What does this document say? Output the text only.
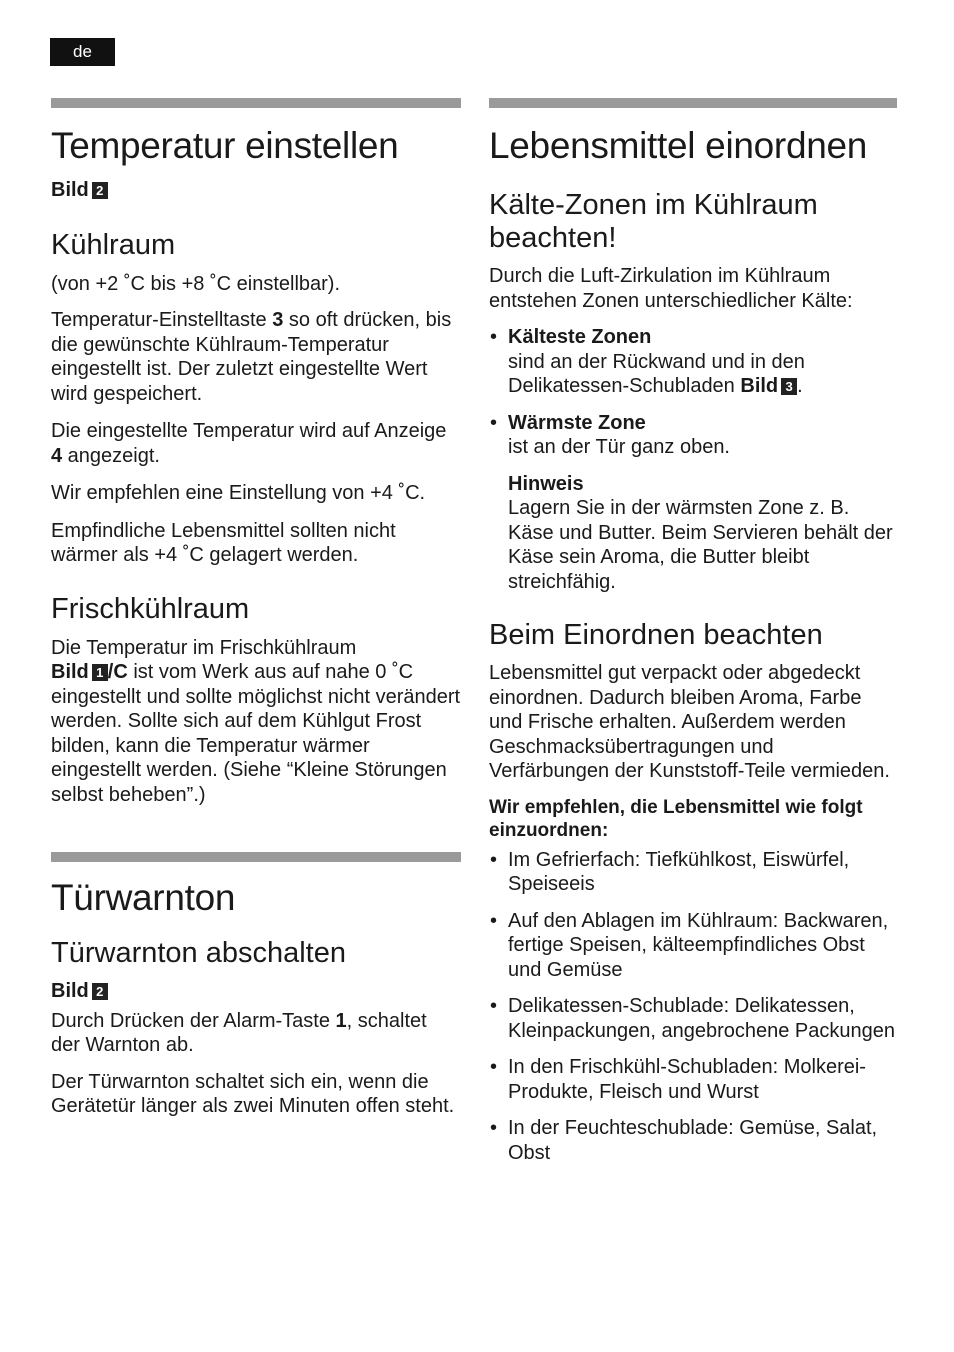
de
Temperatur einstellen

Bild 2

Kühlraum

(von +2 ˚C bis +8 ˚C einstellbar).

Temperatur-Einstelltaste 3 so oft drücken, bis die gewünschte Kühlraum-Temperatur eingestellt ist. Der zuletzt eingestellte Wert wird gespeichert.

Die eingestellte Temperatur wird auf Anzeige 4 angezeigt.

Wir empfehlen eine Einstellung von +4 ˚C.

Empfindliche Lebensmittel sollten nicht wärmer als +4 ˚C gelagert werden.

Frischkühlraum

Die Temperatur im Frischkühlraum
Bild 1 /C ist vom Werk aus auf nahe 0 ˚C eingestellt und sollte möglichst nicht verändert werden. Sollte sich auf dem Kühlgut Frost bilden, kann die Temperatur wärmer eingestellt werden. (Siehe “Kleine Störungen selbst beheben”.)

Türwarnton
Türwarnton abschalten

Bild 2

Durch Drücken der Alarm-Taste 1, schaltet der Warnton ab.

Der Türwarnton schaltet sich ein, wenn die Gerätetür länger als zwei Minuten offen steht.

Lebensmittel einordnen
Kälte-Zonen im Kühlraum beachten!

Durch die Luft-Zirkulation im Kühlraum entstehen Zonen unterschiedlicher Kälte:

• Kälteste Zonen
sind an der Rückwand und in den Delikatessen-Schubladen Bild 3 .
• Wärmste Zone
ist an der Tür ganz oben.

Hinweis

Lagern Sie in der wärmsten Zone z. B. Käse und Butter. Beim Servieren behält der Käse sein Aroma, die Butter bleibt streichfähig.

Beim Einordnen beachten

Lebensmittel gut verpackt oder abgedeckt einordnen. Dadurch bleiben Aroma, Farbe und Frische erhalten. Außerdem werden Geschmacksübertragungen und Verfärbungen der Kunststoff-Teile vermieden.

Wir empfehlen, die Lebensmittel wie folgt einzuordnen:

• Im Gefrierfach: Tiefkühlkost, Eiswürfel, Speiseeis
• Auf den Ablagen im Kühlraum: Backwaren, fertige Speisen, kälteempfindliches Obst und Gemüse
• Delikatessen-Schublade: Delikatessen, Kleinpackungen, angebrochene Packungen
• In den Frischkühl-Schubladen: Molkerei-Produkte, Fleisch und Wurst
• In der Feuchteschublade: Gemüse, Salat, Obst
